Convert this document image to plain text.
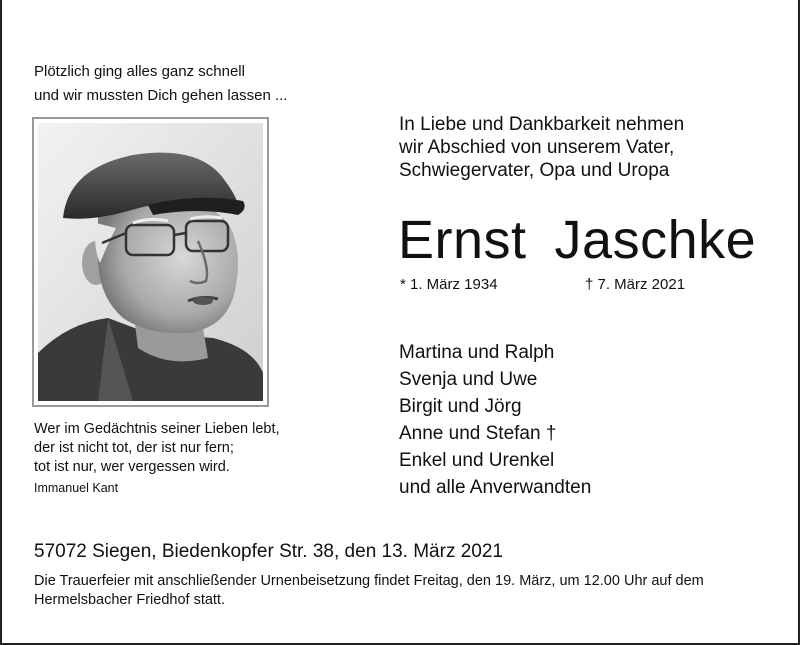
Plötzlich ging alles ganz schnell
und wir mussten Dich gehen lassen ...
Wer im Gedächtnis seiner Lieben lebt,
der ist nicht tot, der ist nur fern;
tot ist nur, wer vergessen wird.
Immanuel Kant
In Liebe und Dankbarkeit nehmen
wir Abschied von unserem Vater,
Schwiegervater, Opa und Uropa
Ernst Jaschke
* 1. März 1934	† 7. März 2021
Martina und Ralph
Svenja und Uwe
Birgit und Jörg
Anne und Stefan †
Enkel und Urenkel
und alle Anverwandten
57072 Siegen, Biedenkopfer Str. 38, den 13. März 2021
Die Trauerfeier mit anschließender Urnenbeisetzung findet Freitag, den 19. März, um 12.00 Uhr auf dem Hermelsbacher Friedhof statt.
